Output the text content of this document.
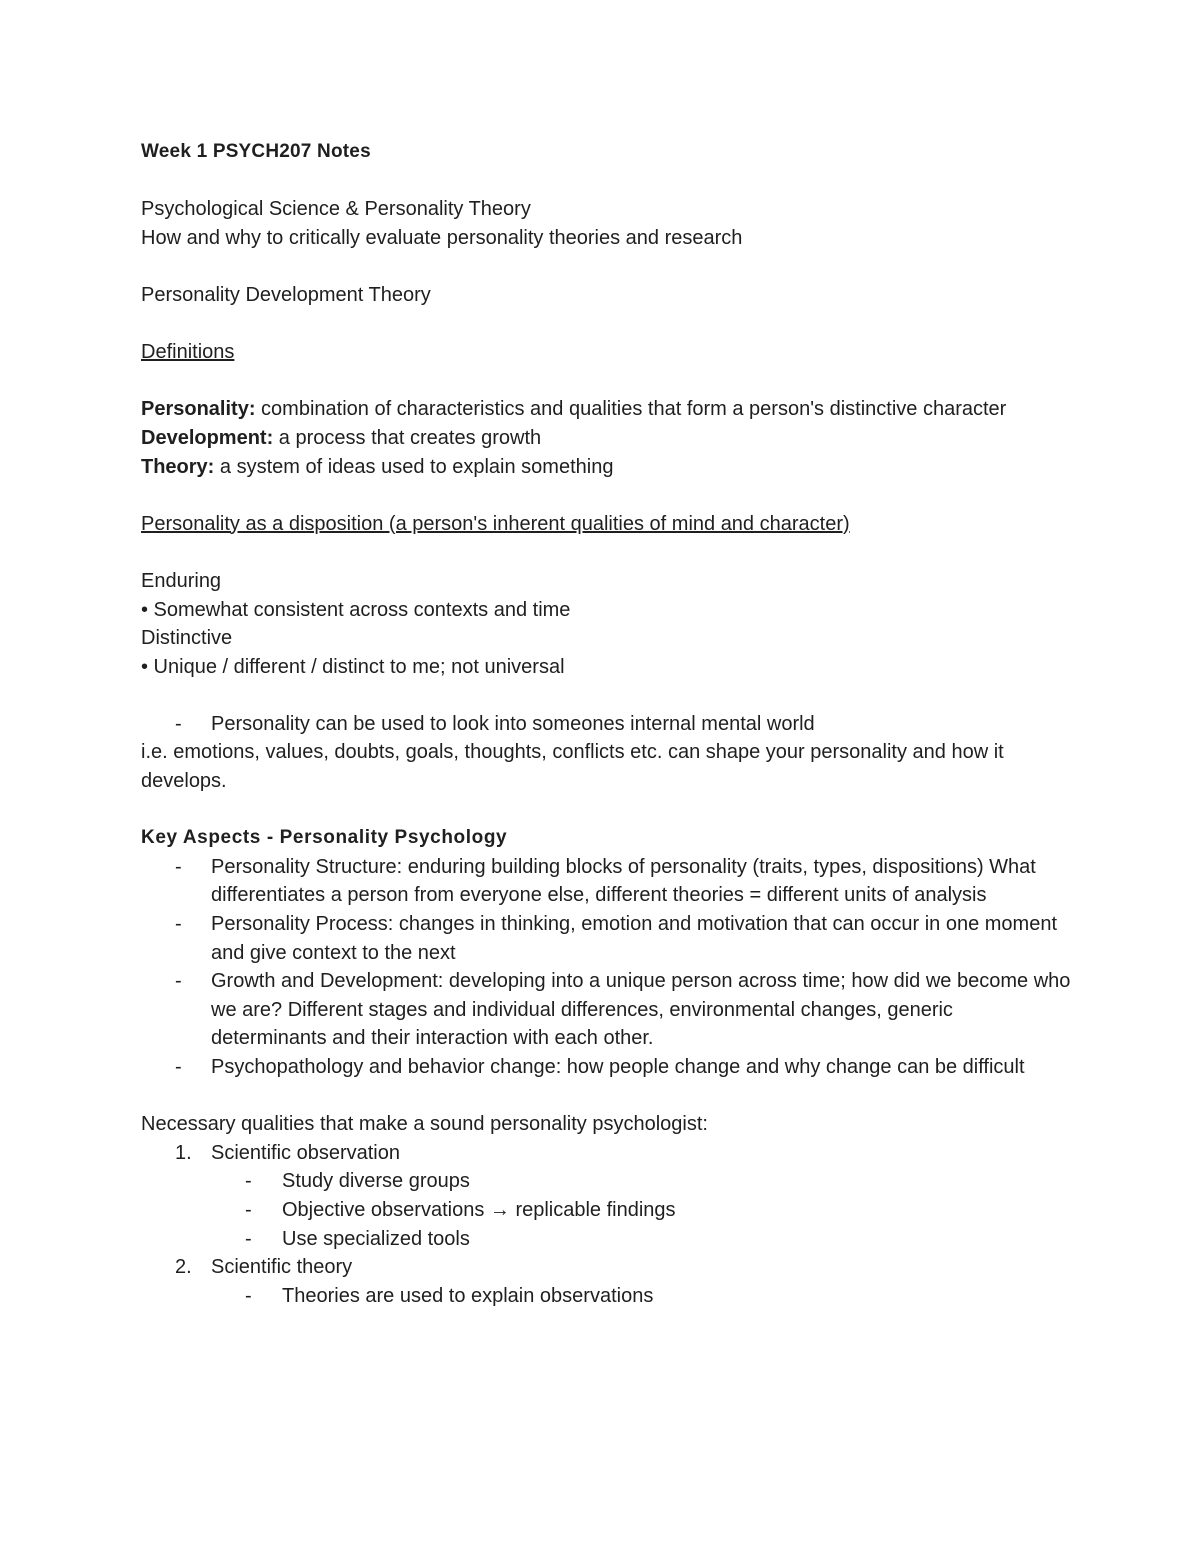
Week 1 PSYCH207 Notes

Psychological Science & Personality Theory

How and why to critically evaluate personality theories and research

Personality Development Theory

Definitions

Personality: combination of characteristics and qualities that form a person's distinctive character

Development: a process that creates growth

Theory: a system of ideas used to explain something

Personality as a disposition (a person's inherent qualities of mind and character)

Enduring

• Somewhat consistent across contexts and time

Distinctive

• Unique / different / distinct to me; not universal

- Personality can be used to look into someones internal mental world

i.e. emotions, values, doubts, goals, thoughts, conflicts etc. can shape your personality and how it develops.

Key Aspects - Personality Psychology

- Personality Structure: enduring building blocks of personality (traits, types, dispositions) What differentiates a person from everyone else, different theories = different units of analysis
- Personality Process: changes in thinking, emotion and motivation that can occur in one moment and give context to the next
- Growth and Development: developing into a unique person across time; how did we become who we are? Different stages and individual differences, environmental changes, generic determinants and their interaction with each other.
- Psychopathology and behavior change: how people change and why change can be difficult

Necessary qualities that make a sound personality psychologist:

1. Scientific observation
- Study diverse groups
- Objective observations → replicable findings
- Use specialized tools
2. Scientific theory
- Theories are used to explain observations
